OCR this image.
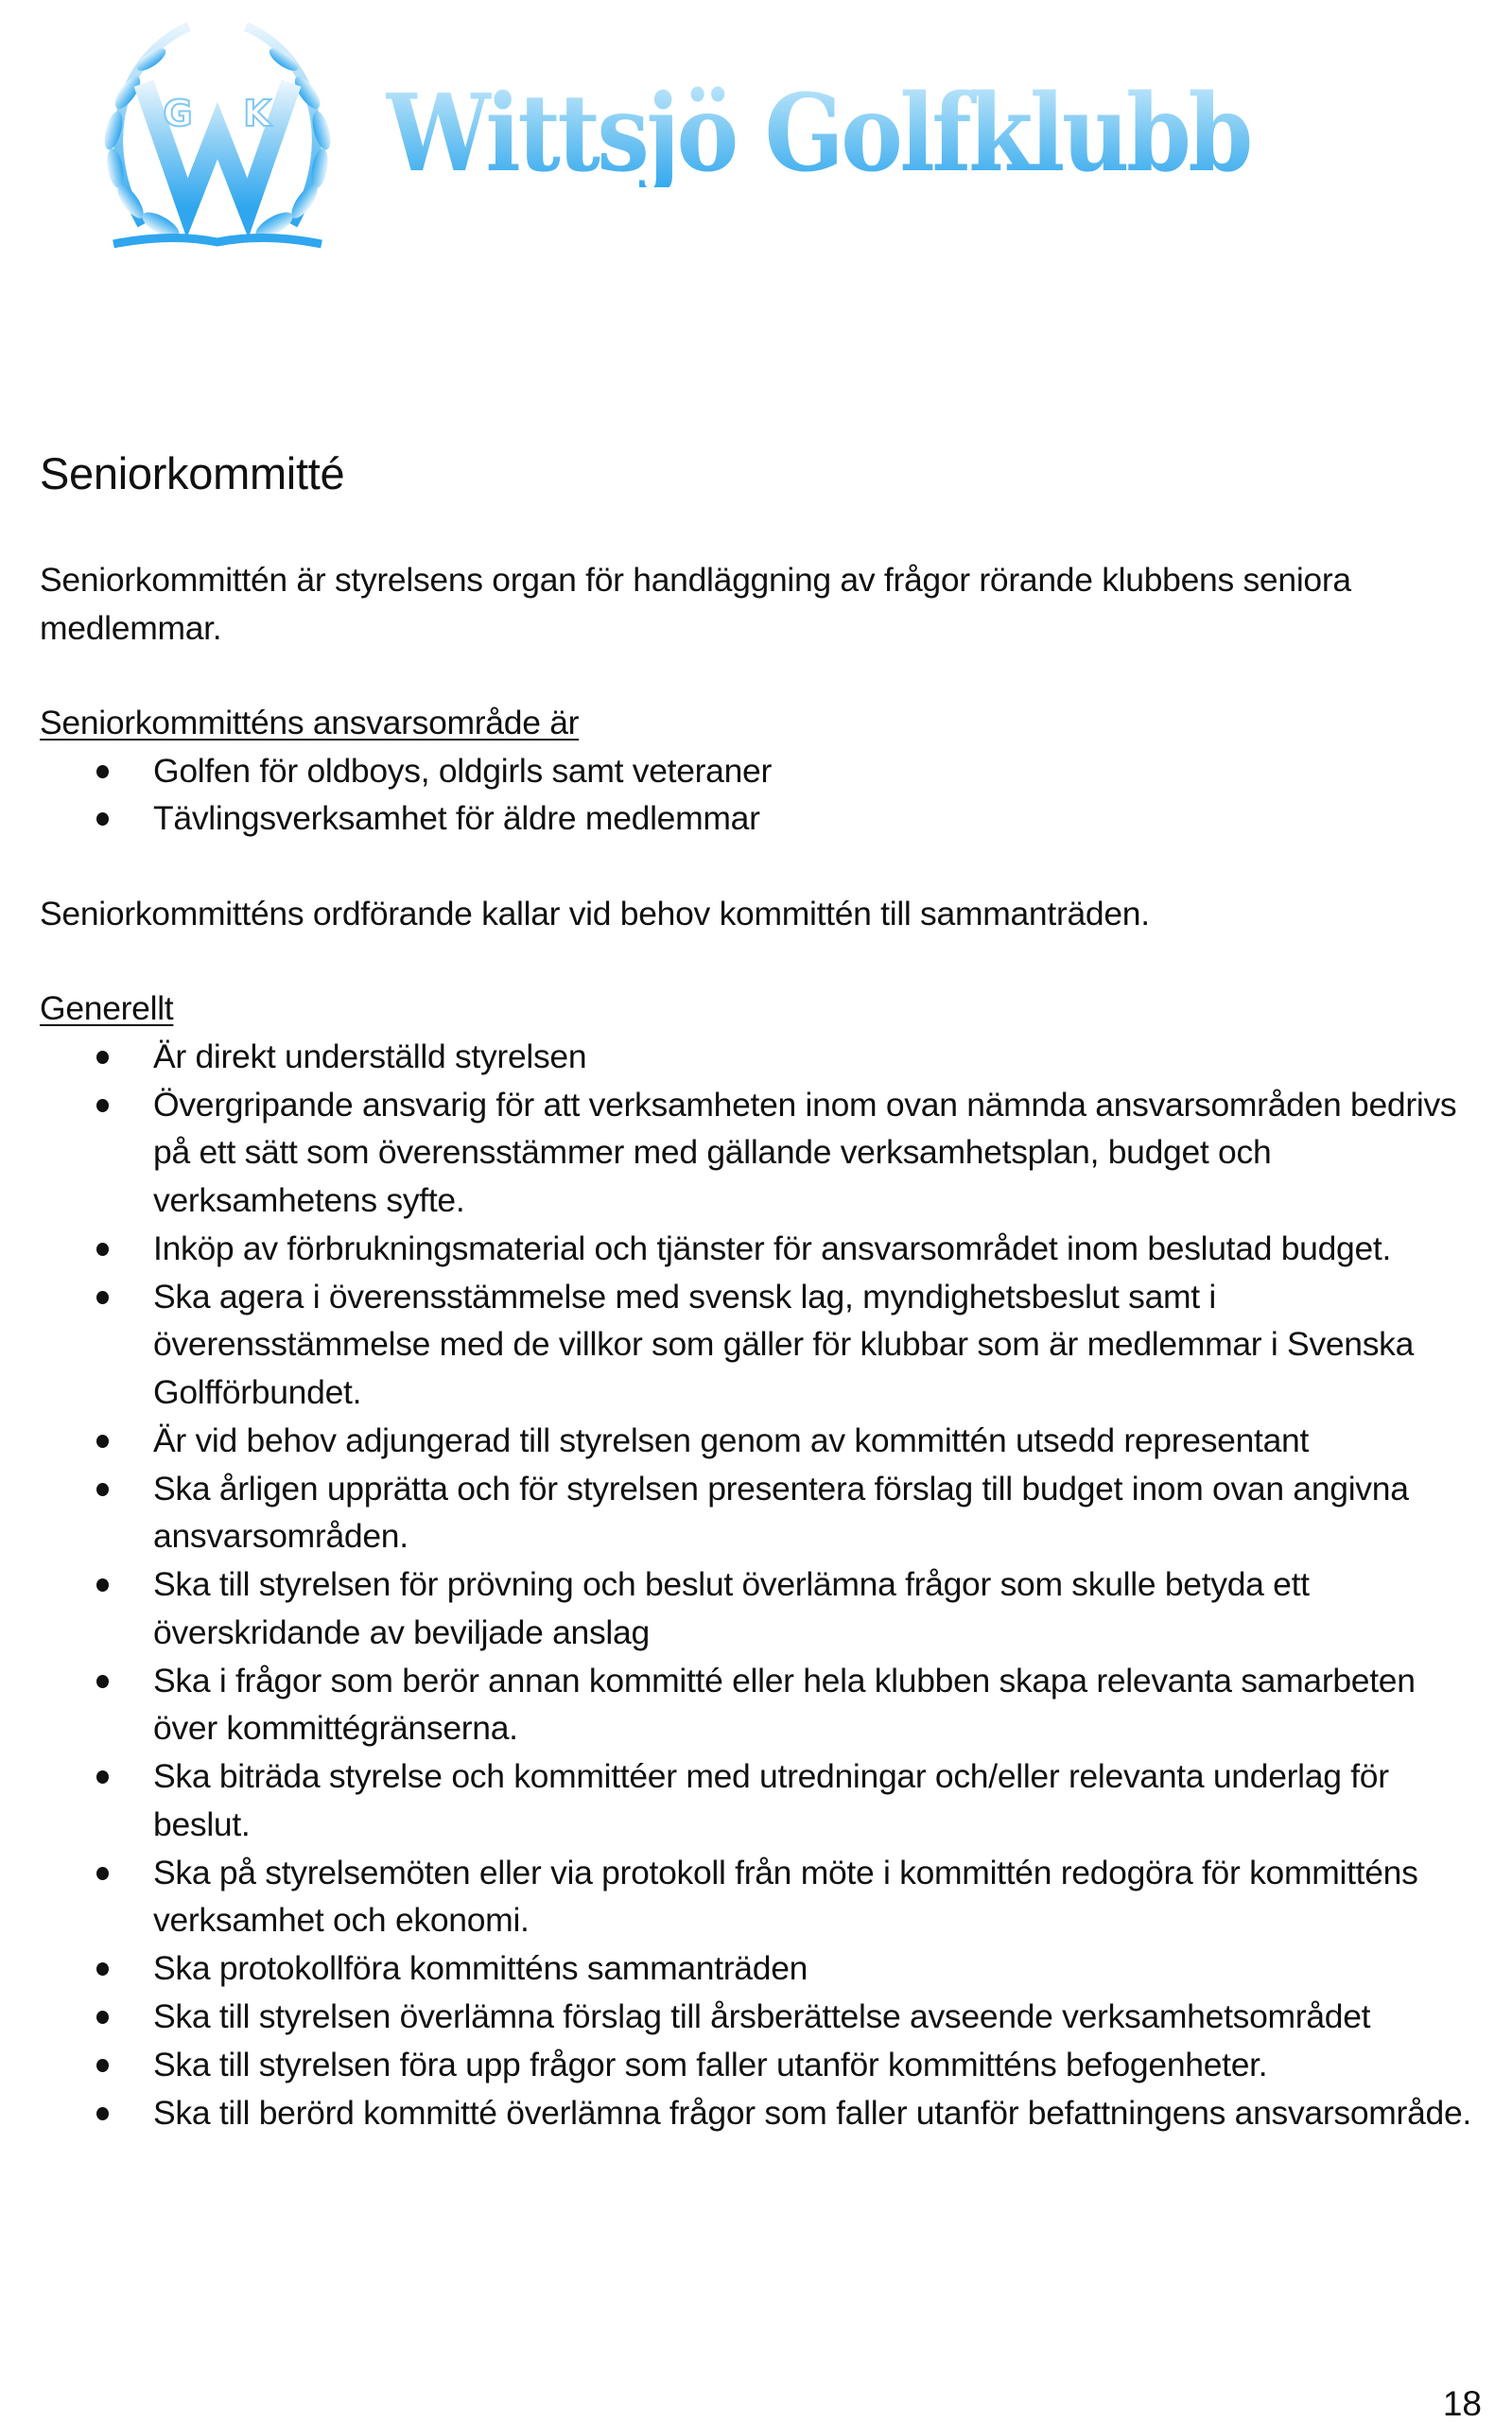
G K Wittsjö Golfklubb
Seniorkommitté

Seniorkommittén är styrelsens organ för handläggning av frågor rörande klubbens seniora medlemmar.

Seniorkommitténs ansvarsområde är

Golfen för oldboys, oldgirls samt veteraner
Tävlingsverksamhet för äldre medlemmar

Seniorkommitténs ordförande kallar vid behov kommittén till sammanträden.

Generellt

Är direkt underställd styrelsen
Övergripande ansvarig för att verksamheten inom ovan nämnda ansvarsområden bedrivs på ett sätt som överensstämmer med gällande verksamhetsplan, budget och verksamhetens syfte.
Inköp av förbrukningsmaterial och tjänster för ansvarsområdet inom beslutad budget.
Ska agera i överensstämmelse med svensk lag, myndighetsbeslut samt i överensstämmelse med de villkor som gäller för klubbar som är medlemmar i Svenska Golfförbundet.
Är vid behov adjungerad till styrelsen genom av kommittén utsedd representant
Ska årligen upprätta och för styrelsen presentera förslag till budget inom ovan angivna ansvarsområden.
Ska till styrelsen för prövning och beslut överlämna frågor som skulle betyda ett överskridande av beviljade anslag
Ska i frågor som berör annan kommitté eller hela klubben skapa relevanta samarbeten över kommittégränserna.
Ska biträda styrelse och kommittéer med utredningar och/eller relevanta underlag för beslut.
Ska på styrelsemöten eller via protokoll från möte i kommittén redogöra för kommitténs verksamhet och ekonomi.
Ska protokollföra kommitténs sammanträden
Ska till styrelsen överlämna förslag till årsberättelse avseende verksamhetsområdet
Ska till styrelsen föra upp frågor som faller utanför kommitténs befogenheter.
Ska till berörd kommitté överlämna frågor som faller utanför befattningens ansvarsområde.
18
